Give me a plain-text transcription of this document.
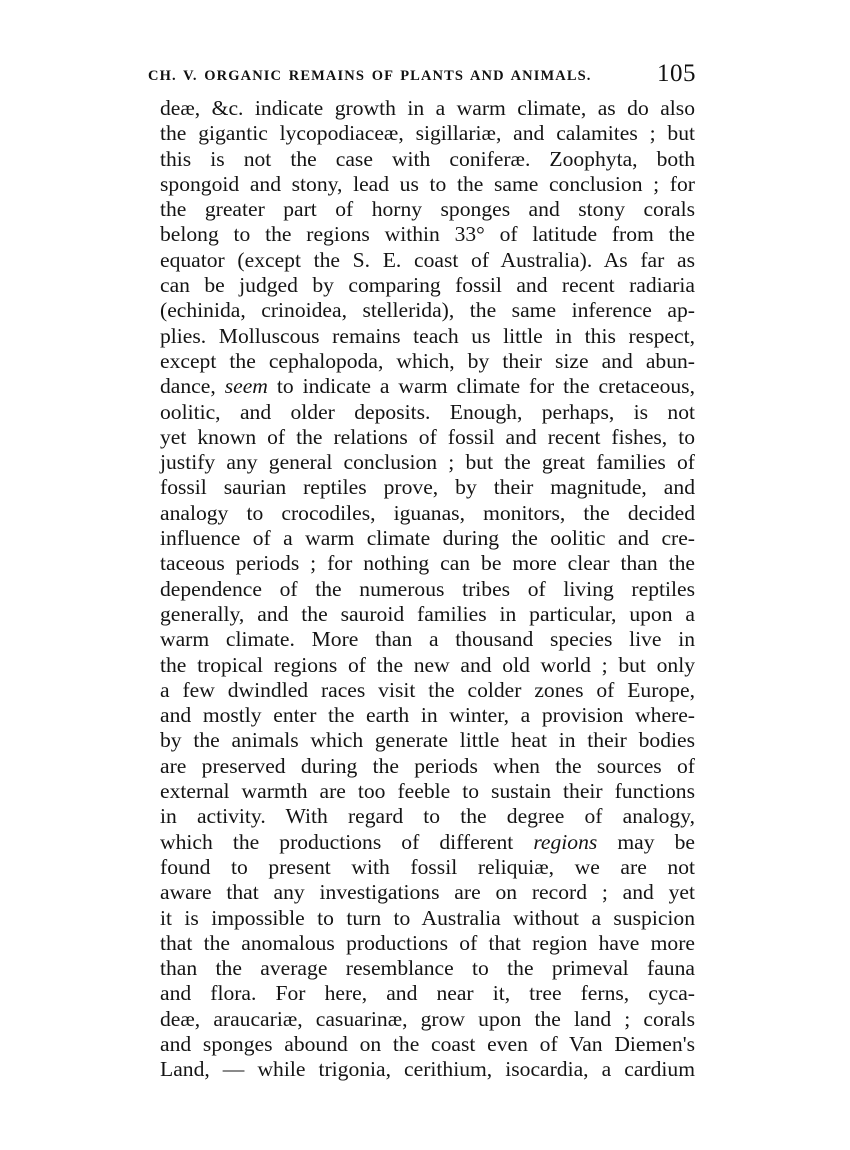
CH. V. ORGANIC REMAINS OF PLANTS AND ANIMALS.	105
deæ, &c. indicate growth in a warm climate, as do also
the gigantic lycopodiaceæ, sigillariæ, and calamites ; but
this is not the case with coniferæ. Zoophyta, both
spongoid and stony, lead us to the same conclusion ; for
the greater part of horny sponges and stony corals
belong to the regions within 33° of latitude from the
equator (except the S. E. coast of Australia). As far as
can be judged by comparing fossil and recent radiaria
(echinida, crinoidea, stellerida), the same inference ap-
plies. Molluscous remains teach us little in this respect,
except the cephalopoda, which, by their size and abun-
dance, seem to indicate a warm climate for the cretaceous,
oolitic, and older deposits. Enough, perhaps, is not
yet known of the relations of fossil and recent fishes, to
justify any general conclusion ; but the great families of
fossil saurian reptiles prove, by their magnitude, and
analogy to crocodiles, iguanas, monitors, the decided
influence of a warm climate during the oolitic and cre-
taceous periods ; for nothing can be more clear than the
dependence of the numerous tribes of living reptiles
generally, and the sauroid families in particular, upon a
warm climate. More than a thousand species live in
the tropical regions of the new and old world ; but only
a few dwindled races visit the colder zones of Europe,
and mostly enter the earth in winter, a provision where-
by the animals which generate little heat in their bodies
are preserved during the periods when the sources of
external warmth are too feeble to sustain their functions
in activity. With regard to the degree of analogy,
which the productions of different regions may be
found to present with fossil reliquiæ, we are not
aware that any investigations are on record ; and yet
it is impossible to turn to Australia without a suspicion
that the anomalous productions of that region have more
than the average resemblance to the primeval fauna
and flora. For here, and near it, tree ferns, cyca-
deæ, araucariæ, casuarinæ, grow upon the land ; corals
and sponges abound on the coast even of Van Diemen's
Land, — while trigonia, cerithium, isocardia, a cardium
